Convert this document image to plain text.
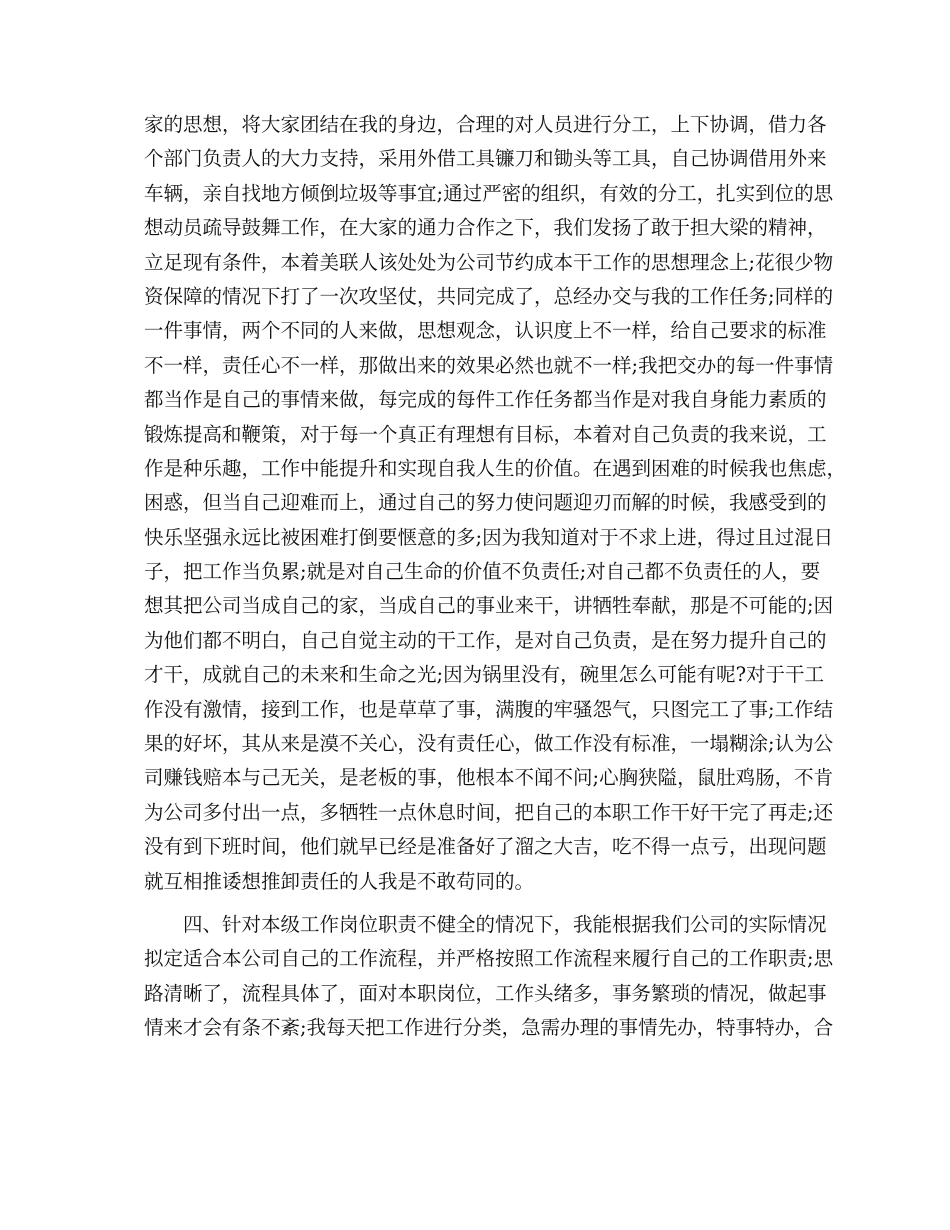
家的思想，将大家团结在我的身边，合理的对人员进行分工，上下协调，借力各
个部门负责人的大力支持，采用外借工具镰刀和锄头等工具，自己协调借用外来
车辆，亲自找地方倾倒垃圾等事宜;通过严密的组织，有效的分工，扎实到位的思
想动员疏导鼓舞工作，在大家的通力合作之下，我们发扬了敢于担大梁的精神，
立足现有条件，本着美联人该处处为公司节约成本干工作的思想理念上;花很少物
资保障的情况下打了一次攻坚仗，共同完成了，总经办交与我的工作任务;同样的
一件事情，两个不同的人来做，思想观念，认识度上不一样，给自己要求的标准
不一样，责任心不一样，那做出来的效果必然也就不一样;我把交办的每一件事情
都当作是自己的事情来做，每完成的每件工作任务都当作是对我自身能力素质的
锻炼提高和鞭策，对于每一个真正有理想有目标，本着对自己负责的我来说，工
作是种乐趣，工作中能提升和实现自我人生的价值。在遇到困难的时候我也焦虑，
困惑，但当自己迎难而上，通过自己的努力使问题迎刃而解的时候，我感受到的
快乐坚强永远比被困难打倒要惬意的多;因为我知道对于不求上进，得过且过混日
子，把工作当负累;就是对自己生命的价值不负责任;对自己都不负责任的人，要
想其把公司当成自己的家，当成自己的事业来干，讲牺牲奉献，那是不可能的;因
为他们都不明白，自己自觉主动的干工作，是对自己负责，是在努力提升自己的
才干，成就自己的未来和生命之光;因为锅里没有，碗里怎么可能有呢?对于干工
作没有激情，接到工作，也是草草了事，满腹的牢骚怨气，只图完工了事;工作结
果的好坏，其从来是漠不关心，没有责任心，做工作没有标准，一塌糊涂;认为公
司赚钱赔本与己无关，是老板的事，他根本不闻不问;心胸狭隘，鼠肚鸡肠，不肯
为公司多付出一点，多牺牲一点休息时间，把自己的本职工作干好干完了再走;还
没有到下班时间，他们就早已经是准备好了溜之大吉，吃不得一点亏，出现问题
就互相推诿想推卸责任的人我是不敢苟同的。
四、针对本级工作岗位职责不健全的情况下，我能根据我们公司的实际情况
拟定适合本公司自己的工作流程，并严格按照工作流程来履行自己的工作职责;思
路清晰了，流程具体了，面对本职岗位，工作头绪多，事务繁琐的情况，做起事
情来才会有条不紊;我每天把工作进行分类，急需办理的事情先办，特事特办，合
